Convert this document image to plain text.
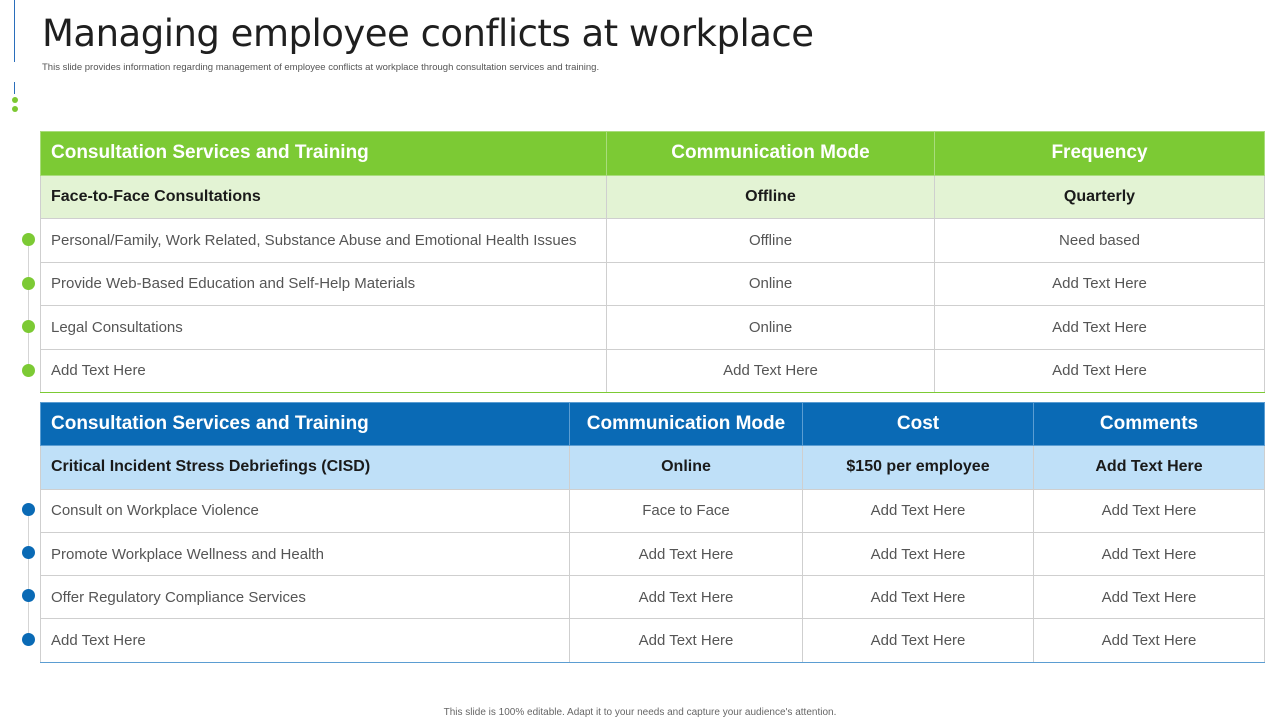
Managing employee conflicts at workplace

This slide provides information regarding management of employee conflicts at workplace through consultation services and training.

Consultation Services and Training	Communication Mode	Frequency
Face-to-Face Consultations	Offline	Quarterly
Personal/Family, Work Related, Substance Abuse and Emotional Health Issues	Offline	Need based
Provide Web-Based Education and Self-Help Materials	Online	Add Text Here
Legal Consultations	Online	Add Text Here
Add Text Here	Add Text Here	Add Text Here
Consultation Services and Training	Communication Mode	Cost	Comments
Critical Incident Stress Debriefings (CISD)	Online	$150 per employee	Add Text Here
Consult on Workplace Violence	Face to Face	Add Text Here	Add Text Here
Promote Workplace Wellness and Health	Add Text Here	Add Text Here	Add Text Here
Offer Regulatory Compliance Services	Add Text Here	Add Text Here	Add Text Here
Add Text Here	Add Text Here	Add Text Here	Add Text Here
This slide is 100% editable. Adapt it to your needs and capture your audience's attention.
